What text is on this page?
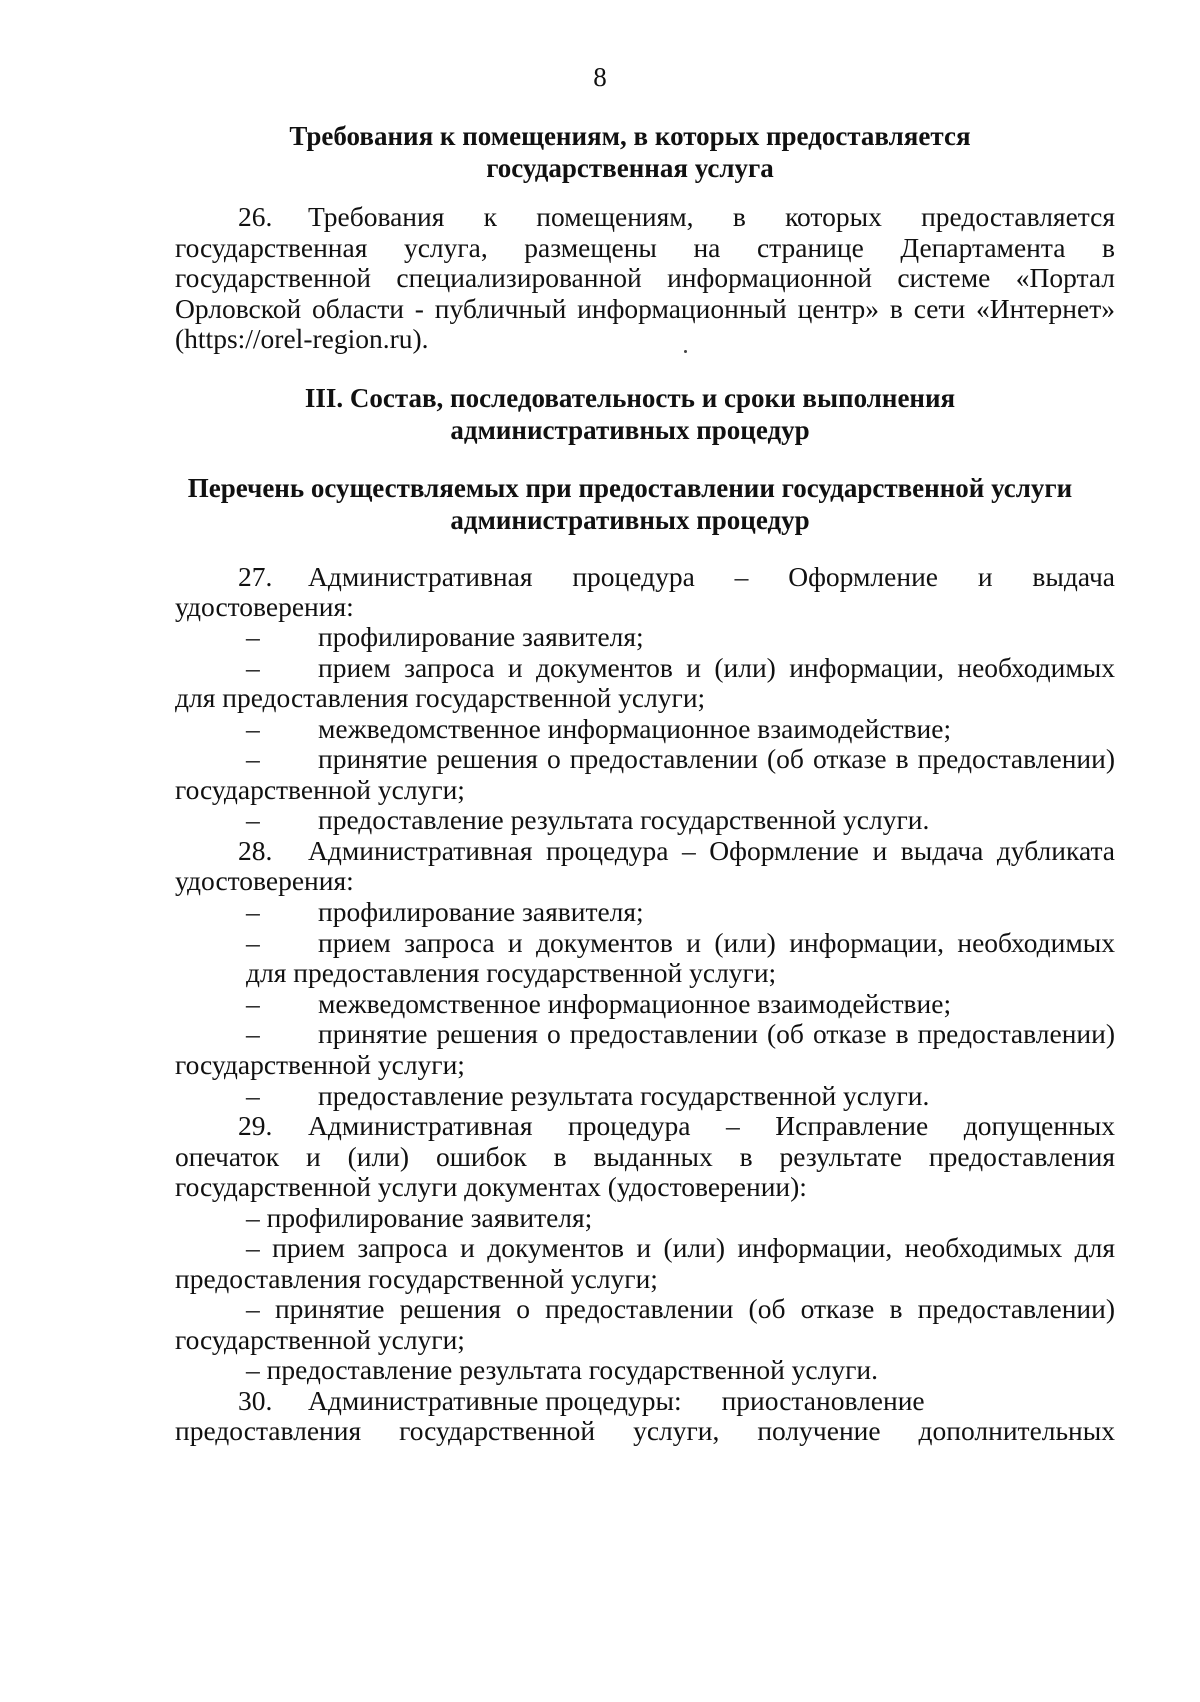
8
Требования к помещениям, в которых предоставляется
государственная услуга
26. Требования к помещениям, в которых предоставляется
государственная услуга, размещены на странице Департамента в
государственной специализированной информационной системе «Портал
Орловской области - публичный информационный центр» в сети «Интернет»
(https://orel-region.ru).
III. Состав, последовательность и сроки выполнения
административных процедур
Перечень осуществляемых при предоставлении государственной услуги
административных процедур
27. Административная процедура – Оформление и выдача
удостоверения:
– профилирование заявителя;
– прием запроса и документов и (или) информации, необходимых
для предоставления государственной услуги;
– межведомственное информационное взаимодействие;
– принятие решения о предоставлении (об отказе в предоставлении)
государственной услуги;
– предоставление результата государственной услуги.
28. Административная процедура – Оформление и выдача дубликата
удостоверения:
– профилирование заявителя;
– прием запроса и документов и (или) информации, необходимых
для предоставления государственной услуги;
– межведомственное информационное взаимодействие;
– принятие решения о предоставлении (об отказе в предоставлении)
государственной услуги;
– предоставление результата государственной услуги.
29. Административная процедура – Исправление допущенных
опечаток и (или) ошибок в выданных в результате предоставления
государственной услуги документах (удостоверении):
– профилирование заявителя;
– прием запроса и документов и (или) информации, необходимых для
предоставления государственной услуги;
– принятие решения о предоставлении (об отказе в предоставлении)
государственной услуги;
– предоставление результата государственной услуги.
30. Административные процедуры: приостановление
предоставления государственной услуги, получение дополнительных
